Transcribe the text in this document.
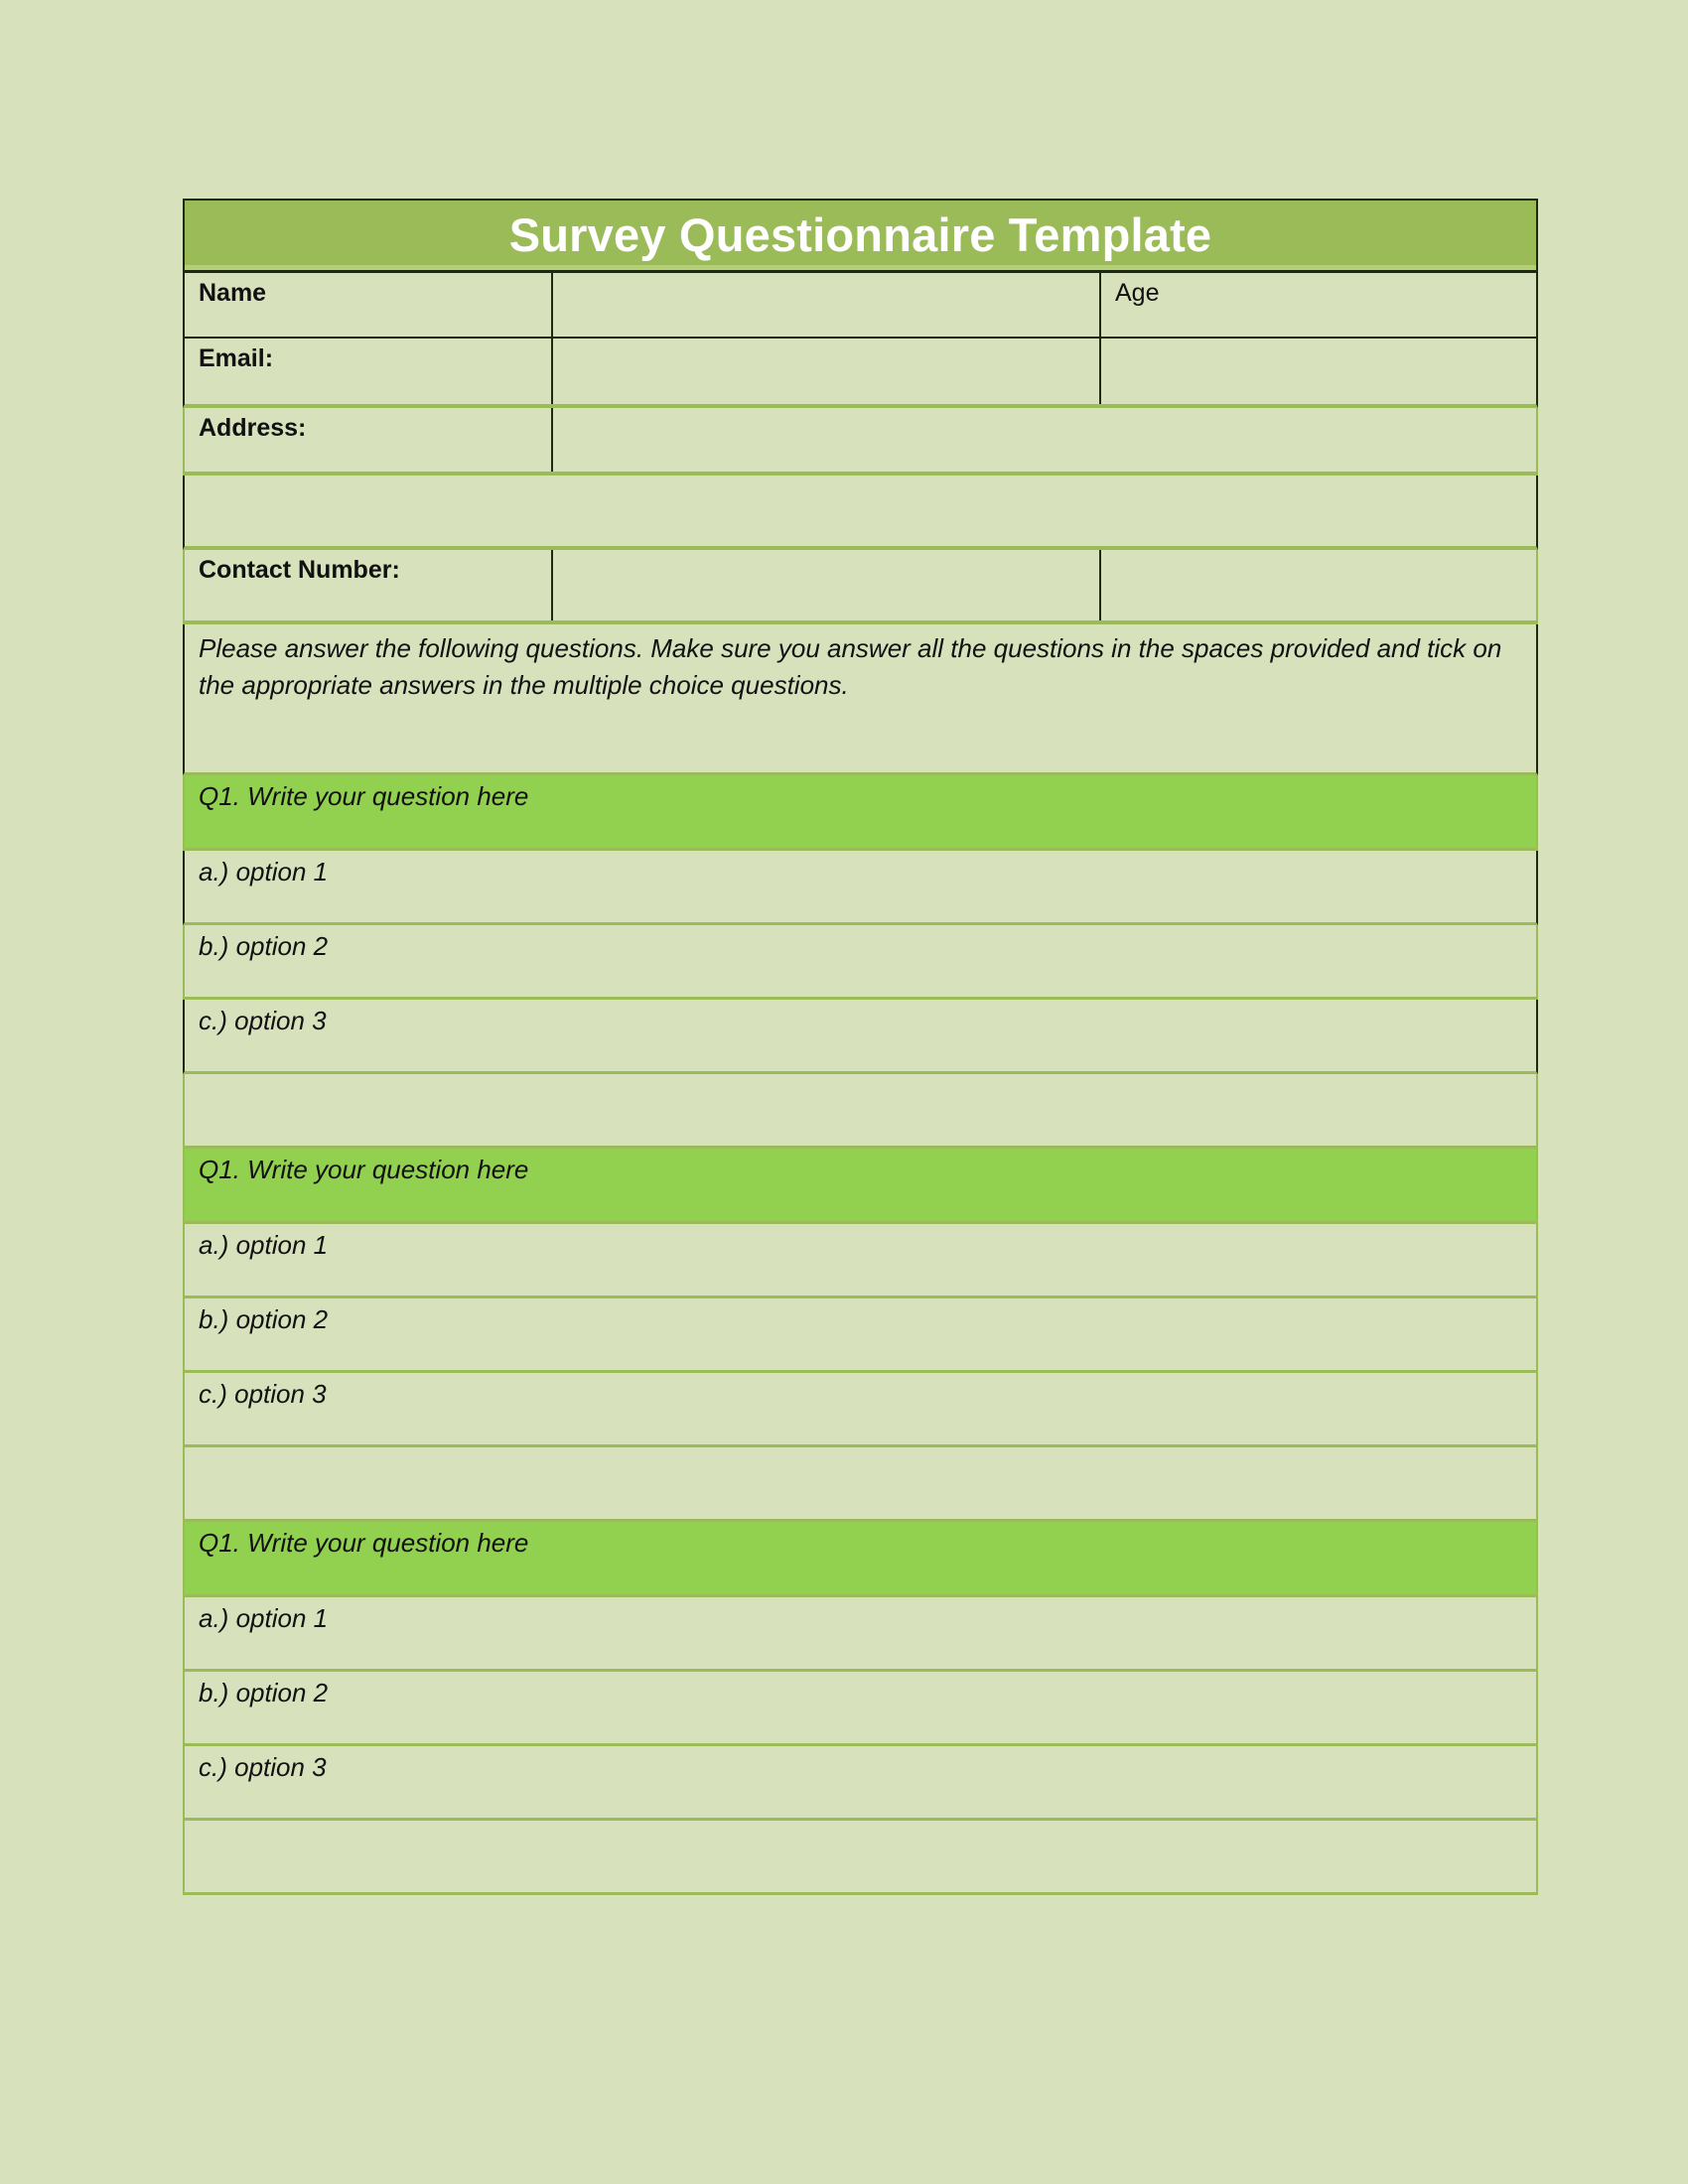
Survey Questionnaire Template
Name	Age
Email:
Address:
Contact Number:
Please answer the following questions. Make sure you answer all the questions in the spaces provided and tick on the appropriate answers in the multiple choice questions.
Q1. Write your question here
a.) option 1
b.) option 2
c.) option 3
Q1. Write your question here
a.) option 1
b.) option 2
c.) option 3
Q1. Write your question here
a.) option 1
b.) option 2
c.) option 3
